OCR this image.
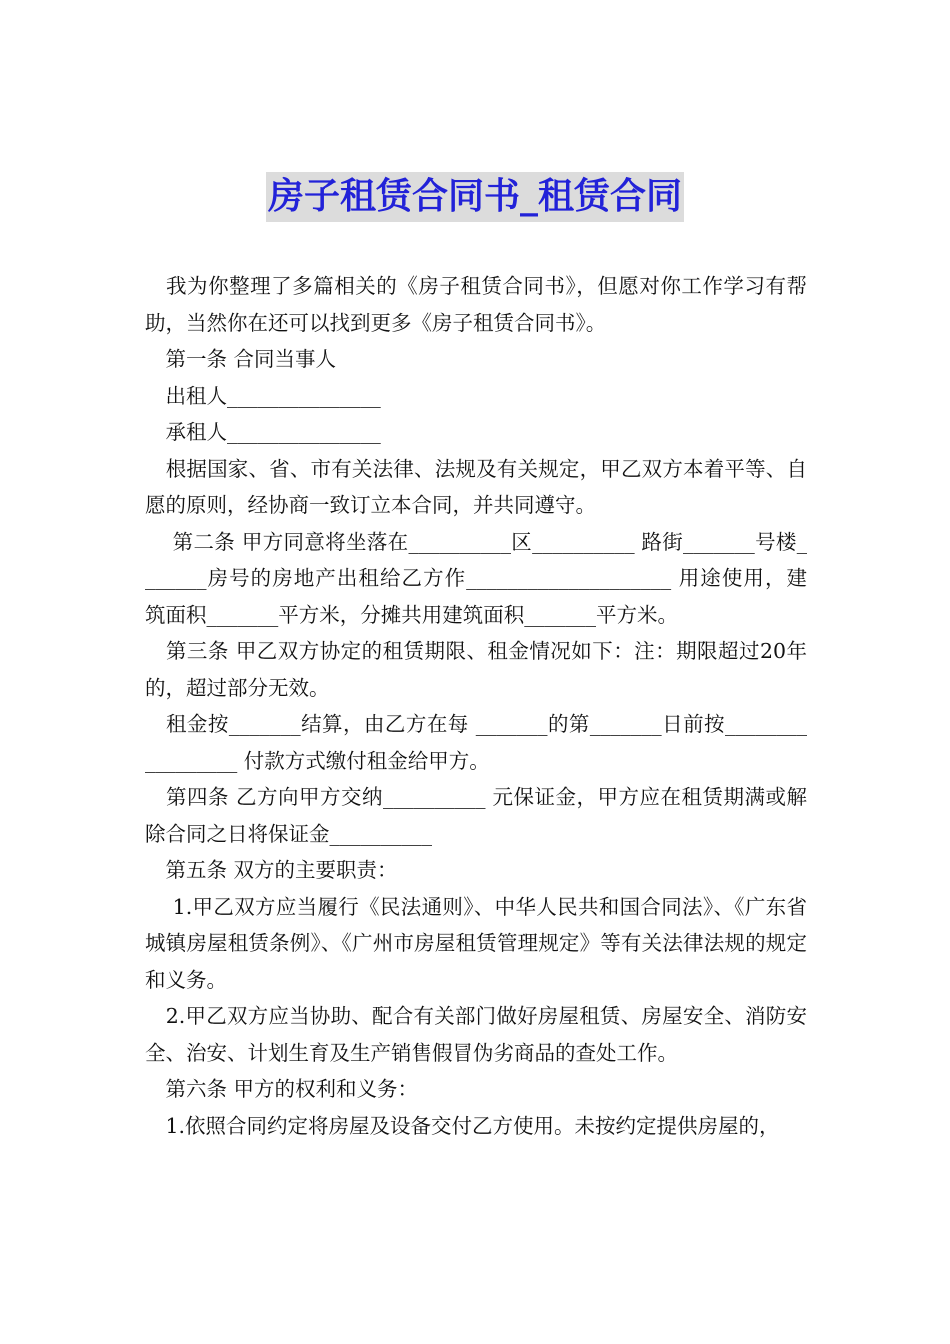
房子租赁合同书_租赁合同

　我为你整理了多篇相关的《房子租赁合同书》，但愿对你工作学习有帮助，当然你在还可以找到更多《房子租赁合同书》。

　第一条 合同当事人

　出租人_______________

　承租人_______________

　根据国家、省、市有关法律、法规及有关规定，甲乙双方本着平等、自愿的原则，经协商一致订立本合同，并共同遵守。

　 第二条 甲方同意将坐落在__________区__________ 路街_______号楼_______房号的房地产出租给乙方作____________________ 用途使用，建筑面积_______平方米，分摊共用建筑面积_______平方米。

　第三条 甲乙双方协定的租赁期限、租金情况如下：注：期限超过20年的，超过部分无效。

　租金按_______结算，由乙方在每 _______的第_______日前按_________________ 付款方式缴付租金给甲方。

　第四条 乙方向甲方交纳__________ 元保证金，甲方应在租赁期满或解除合同之日将保证金__________

　第五条 双方的主要职责：

　 1.甲乙双方应当履行《民法通则》、中华人民共和国合同法》、《广东省城镇房屋租赁条例》、《广州市房屋租赁管理规定》等有关法律法规的规定和义务。

　2.甲乙双方应当协助、配合有关部门做好房屋租赁、房屋安全、消防安全、治安、计划生育及生产销售假冒伪劣商品的查处工作。

　第六条 甲方的权利和义务：

　1.依照合同约定将房屋及设备交付乙方使用。未按约定提供房屋的，
